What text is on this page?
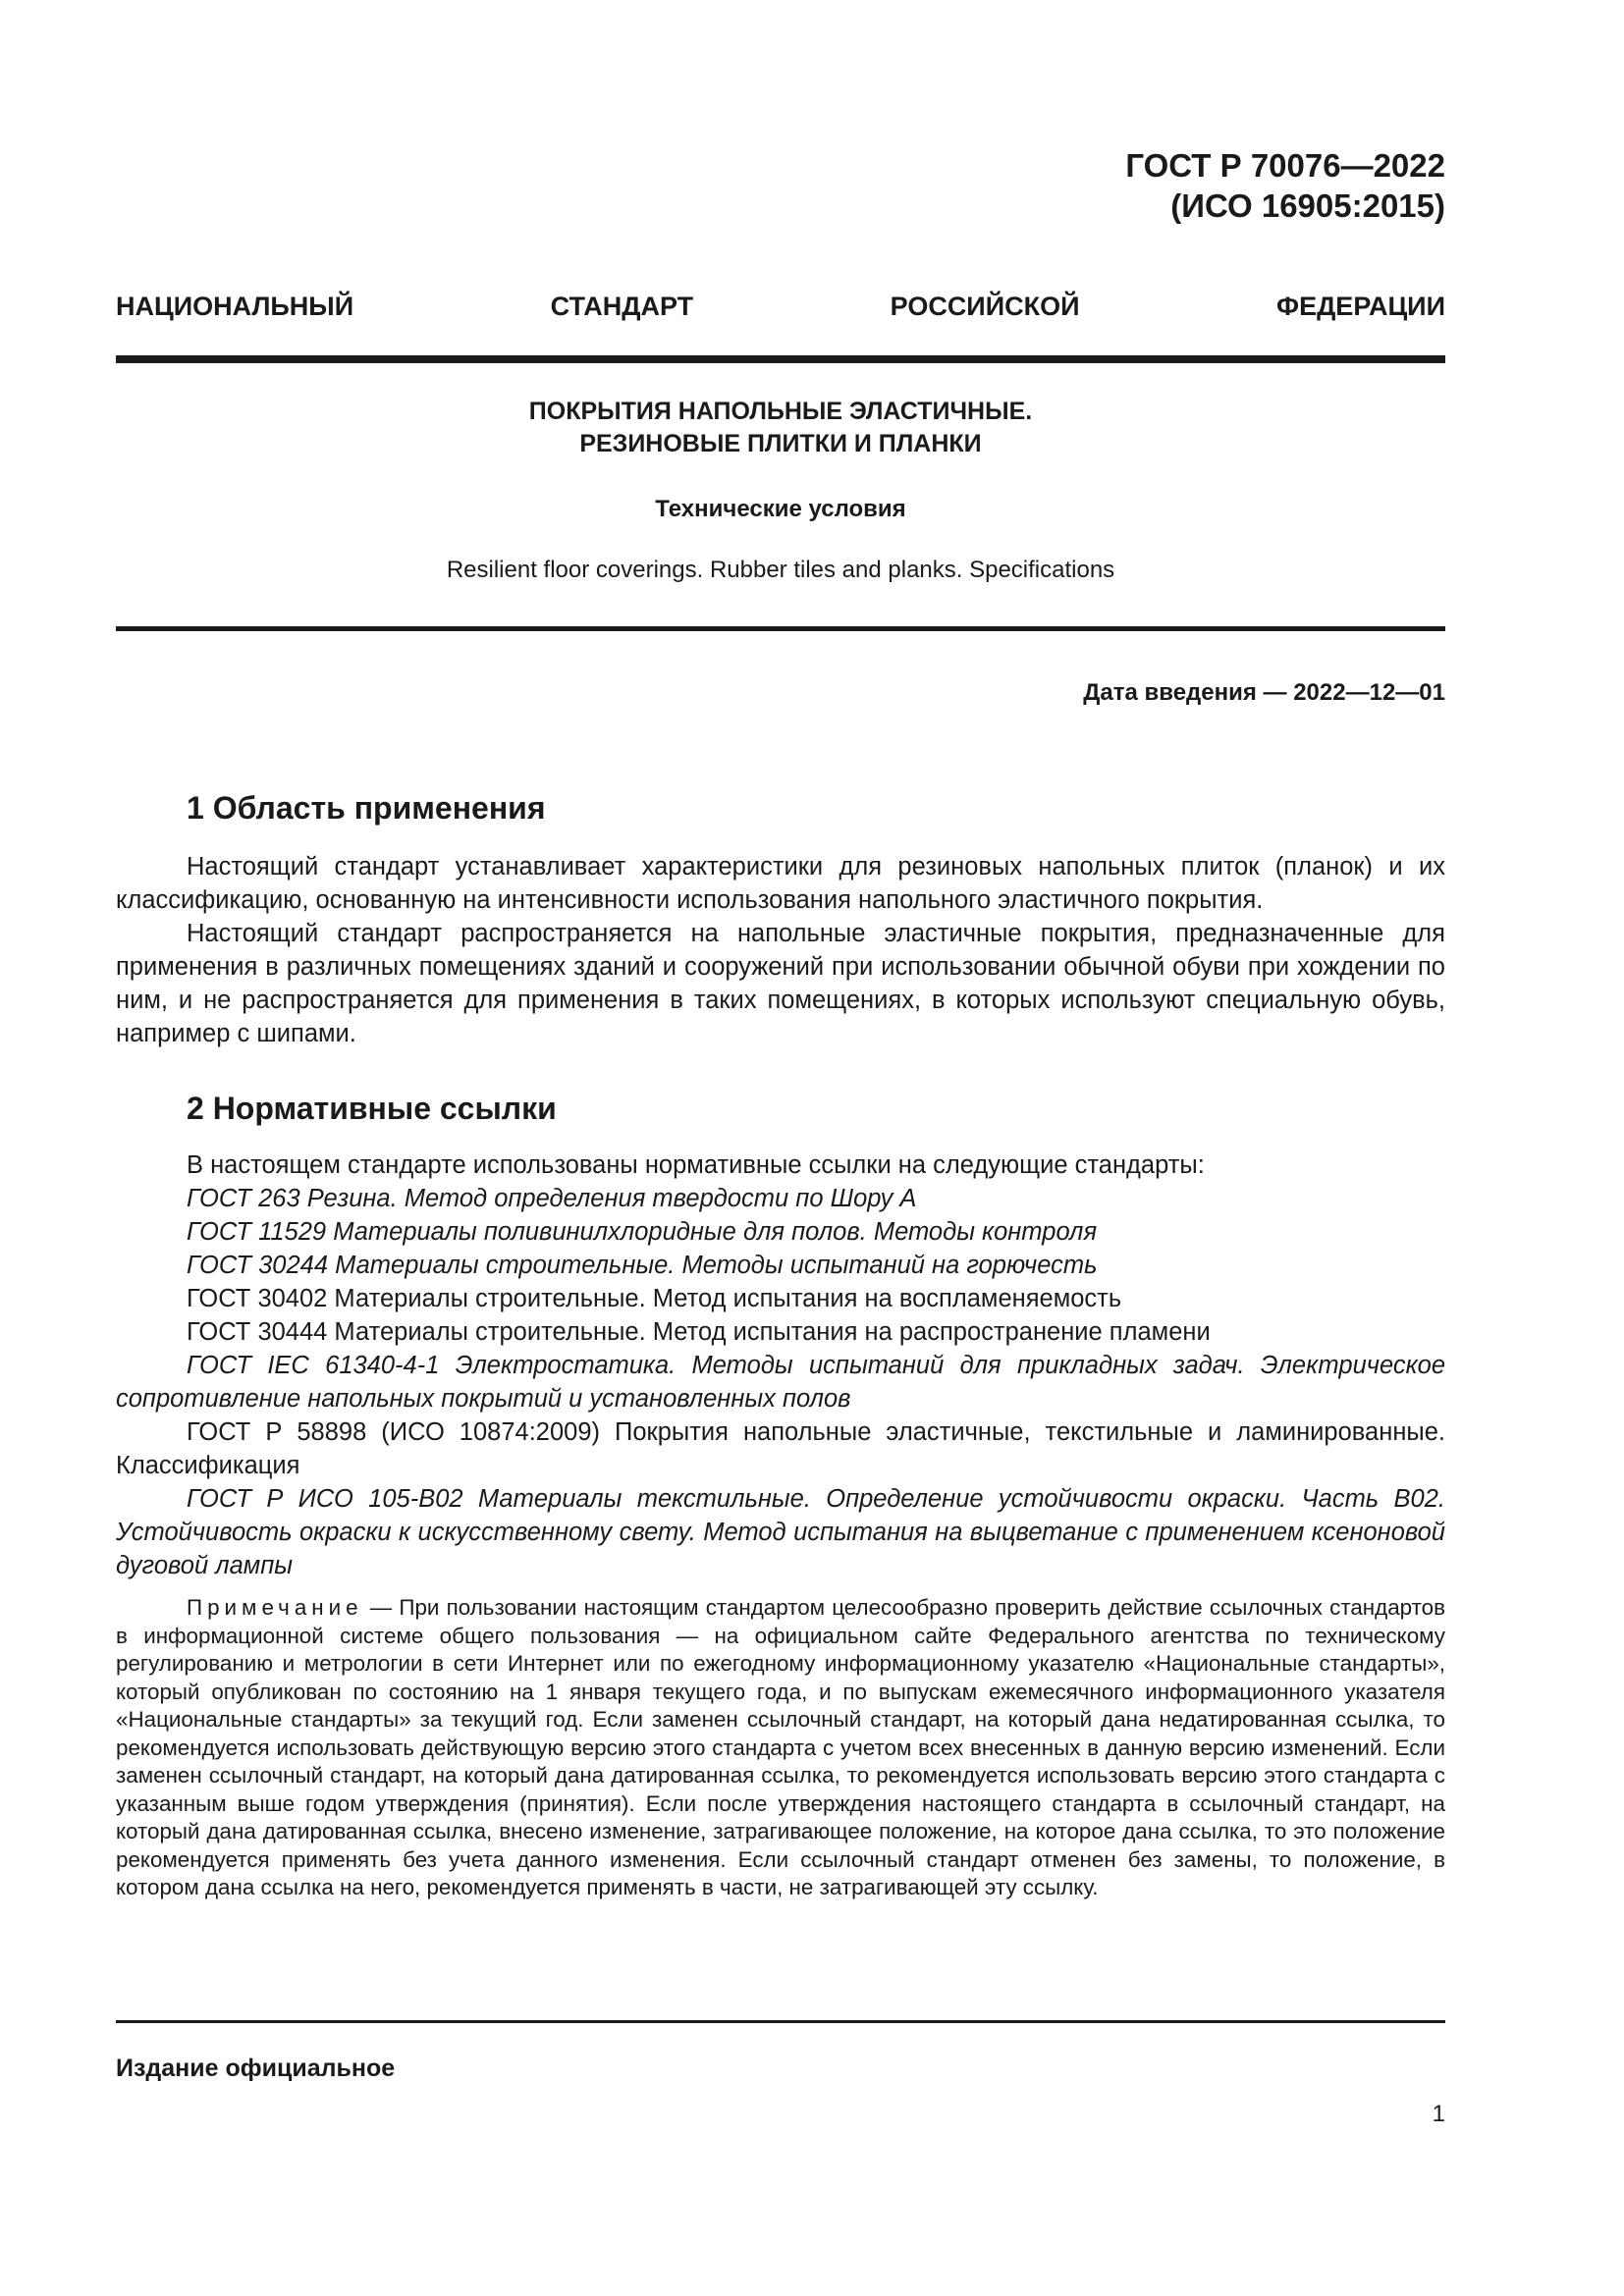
ГОСТ Р 70076—2022
(ИСО 16905:2015)
НАЦИОНАЛЬНЫЙ СТАНДАРТ РОССИЙСКОЙ ФЕДЕРАЦИИ
ПОКРЫТИЯ НАПОЛЬНЫЕ ЭЛАСТИЧНЫЕ.
РЕЗИНОВЫЕ ПЛИТКИ И ПЛАНКИ
Технические условия
Resilient floor coverings. Rubber tiles and planks. Specifications
Дата введения — 2022—12—01
1 Область применения

Настоящий стандарт устанавливает характеристики для резиновых напольных плиток (планок) и их классификацию, основанную на интенсивности использования напольного эластичного покрытия.

Настоящий стандарт распространяется на напольные эластичные покрытия, предназначенные для применения в различных помещениях зданий и сооружений при использовании обычной обуви при хождении по ним, и не распространяется для применения в таких помещениях, в которых используют специальную обувь, например с шипами.

2 Нормативные ссылки

В настоящем стандарте использованы нормативные ссылки на следующие стандарты:

ГОСТ 263 Резина. Метод определения твердости по Шору А

ГОСТ 11529 Материалы поливинилхлоридные для полов. Методы контроля

ГОСТ 30244 Материалы строительные. Методы испытаний на горючесть

ГОСТ 30402 Материалы строительные. Метод испытания на воспламеняемость

ГОСТ 30444 Материалы строительные. Метод испытания на распространение пламени

ГОСТ IEC 61340-4-1 Электростатика. Методы испытаний для прикладных задач. Электрическое сопротивление напольных покрытий и установленных полов

ГОСТ Р 58898 (ИСО 10874:2009) Покрытия напольные эластичные, текстильные и ламинированные. Классификация

ГОСТ Р ИСО 105-В02 Материалы текстильные. Определение устойчивости окраски. Часть В02. Устойчивость окраски к искусственному свету. Метод испытания на выцветание с применением ксеноновой дуговой лампы

Примечание — При пользовании настоящим стандартом целесообразно проверить действие ссылочных стандартов в информационной системе общего пользования — на официальном сайте Федерального агентства по техническому регулированию и метрологии в сети Интернет или по ежегодному информационному указателю «Национальные стандарты», который опубликован по состоянию на 1 января текущего года, и по выпускам ежемесячного информационного указателя «Национальные стандарты» за текущий год. Если заменен ссылочный стандарт, на который дана недатированная ссылка, то рекомендуется использовать действующую версию этого стандарта с учетом всех внесенных в данную версию изменений. Если заменен ссылочный стандарт, на который дана датированная ссылка, то рекомендуется использовать версию этого стандарта с указанным выше годом утверждения (принятия). Если после утверждения настоящего стандарта в ссылочный стандарт, на который дана датированная ссылка, внесено изменение, затрагивающее положение, на которое дана ссылка, то это положение рекомендуется применять без учета данного изменения. Если ссылочный стандарт отменен без замены, то положение, в котором дана ссылка на него, рекомендуется применять в части, не затрагивающей эту ссылку.

Издание официальное
1
